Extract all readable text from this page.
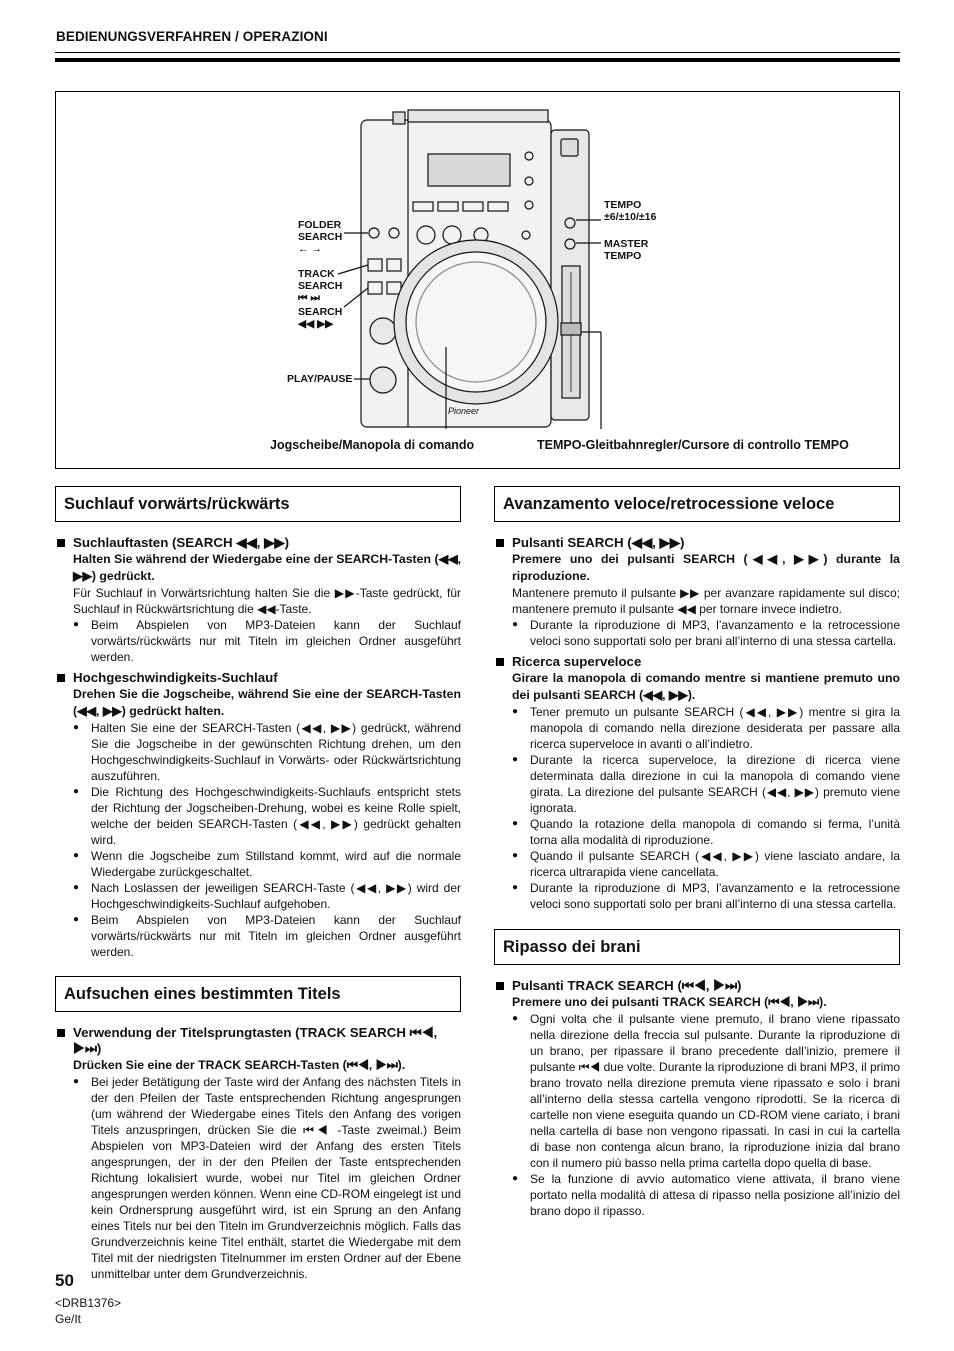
BEDIENUNGSVERFAHREN / OPERAZIONI
Pioneer
FOLDER
SEARCH
← →
TRACK
SEARCH
⏮ ⏭
SEARCH
◀◀ ▶▶
PLAY/PAUSE
TEMPO
±6/±10/±16
MASTER
TEMPO
Jogscheibe/Manopola di comando	TEMPO-Gleitbahnregler/Cursore di controllo TEMPO
Suchlauf vorwärts/rückwärts
Suchlauftasten (SEARCH ◀◀, ▶▶)
Halten Sie während der Wiedergabe eine der SEARCH-Tasten (◀◀, ▶▶) gedrückt.
Für Suchlauf in Vorwärtsrichtung halten Sie die ▶▶-Taste gedrückt, für Suchlauf in Rückwärtsrichtung die ◀◀-Taste.
● Beim Abspielen von MP3-Dateien kann der Suchlauf vorwärts/rückwärts nur mit Titeln im gleichen Ordner ausgeführt werden.
Hochgeschwindigkeits-Suchlauf
Drehen Sie die Jogscheibe, während Sie eine der SEARCH-Tasten (◀◀, ▶▶) gedrückt halten.
● Halten Sie eine der SEARCH-Tasten (◀◀, ▶▶) gedrückt, während Sie die Jogscheibe in der gewünschten Richtung drehen, um den Hochgeschwindigkeits-Suchlauf in Vorwärts- oder Rückwärtsrichtung auszuführen.
● Die Richtung des Hochgeschwindigkeits-Suchlaufs entspricht stets der Richtung der Jogscheiben-Drehung, wobei es keine Rolle spielt, welche der beiden SEARCH-Tasten (◀◀, ▶▶) gedrückt gehalten wird.
● Wenn die Jogscheibe zum Stillstand kommt, wird auf die normale Wiedergabe zurückgeschaltet.
● Nach Loslassen der jeweiligen SEARCH-Taste (◀◀, ▶▶) wird der Hochgeschwindigkeits-Suchlauf aufgehoben.
● Beim Abspielen von MP3-Dateien kann der Suchlauf vorwärts/rückwärts nur mit Titeln im gleichen Ordner ausgeführt werden.
Aufsuchen eines bestimmten Titels
Verwendung der Titelsprungtasten (TRACK SEARCH ⏮◀, ▶⏭)
Drücken Sie eine der TRACK SEARCH-Tasten (⏮◀, ▶⏭).
● Bei jeder Betätigung der Taste wird der Anfang des nächsten Titels in der den Pfeilen der Taste entsprechenden Richtung angesprungen (um während der Wiedergabe eines Titels den Anfang des vorigen Titels anzuspringen, drücken Sie die ⏮◀ -Taste zweimal.) Beim Abspielen von MP3-Dateien wird der Anfang des ersten Titels angesprungen, der in der den Pfeilen der Taste entsprechenden Richtung lokalisiert wurde, wobei nur Titel im gleichen Ordner angesprungen werden können. Wenn eine CD-ROM eingelegt ist und kein Ordnersprung ausgeführt wird, ist ein Sprung an den Anfang eines Titels nur bei den Titeln im Grundverzeichnis möglich. Falls das Grundverzeichnis keine Titel enthält, startet die Wiedergabe mit dem Titel mit der niedrigsten Titelnummer im ersten Ordner auf der Ebene unmittelbar unter dem Grundverzeichnis.
Avanzamento veloce/retrocessione veloce
Pulsanti SEARCH (◀◀, ▶▶)
Premere uno dei pulsanti SEARCH (◀◀, ▶▶) durante la riproduzione.
Mantenere premuto il pulsante ▶▶ per avanzare rapidamente sul disco; mantenere premuto il pulsante ◀◀ per tornare invece indietro.
● Durante la riproduzione di MP3, l’avanzamento e la retrocessione veloci sono supportati solo per brani all’interno di una stessa cartella.
Ricerca superveloce
Girare la manopola di comando mentre si mantiene premuto uno dei pulsanti SEARCH (◀◀, ▶▶).
● Tener premuto un pulsante SEARCH (◀◀, ▶▶) mentre si gira la manopola di comando nella direzione desiderata per passare alla ricerca superveloce in avanti o all’indietro.
● Durante la ricerca superveloce, la direzione di ricerca viene determinata dalla direzione in cui la manopola di comando viene girata. La direzione del pulsante SEARCH (◀◀, ▶▶) premuto viene ignorata.
● Quando la rotazione della manopola di comando si ferma, l’unità torna alla modalità di riproduzione.
● Quando il pulsante SEARCH (◀◀, ▶▶) viene lasciato andare, la ricerca ultrarapida viene cancellata.
● Durante la riproduzione di MP3, l’avanzamento e la retrocessione veloci sono supportati solo per brani all’interno di una stessa cartella.
Ripasso dei brani
Pulsanti TRACK SEARCH (⏮◀, ▶⏭)
Premere uno dei pulsanti TRACK SEARCH (⏮◀, ▶⏭).
● Ogni volta che il pulsante viene premuto, il brano viene ripassato nella direzione della freccia sul pulsante. Durante la riproduzione di un brano, per ripassare il brano precedente dall’inizio, premere il pulsante ⏮◀ due volte. Durante la riproduzione di brani MP3, il primo brano trovato nella direzione premuta viene ripassato e solo i brani all’interno della stessa cartella vengono riprodotti. Se la ricerca di cartelle non viene eseguita quando un CD-ROM viene cariato, i brani nella cartella di base non vengono ripassati. In casi in cui la cartella di base non contenga alcun brano, la riproduzione inizia dal brano con il numero più basso nella prima cartella dopo quella di base.
● Se la funzione di avvio automatico viene attivata, il brano viene portato nella modalità di attesa di ripasso nella posizione all’inizio del brano dopo il ripasso.
50
<DRB1376>
Ge/It
